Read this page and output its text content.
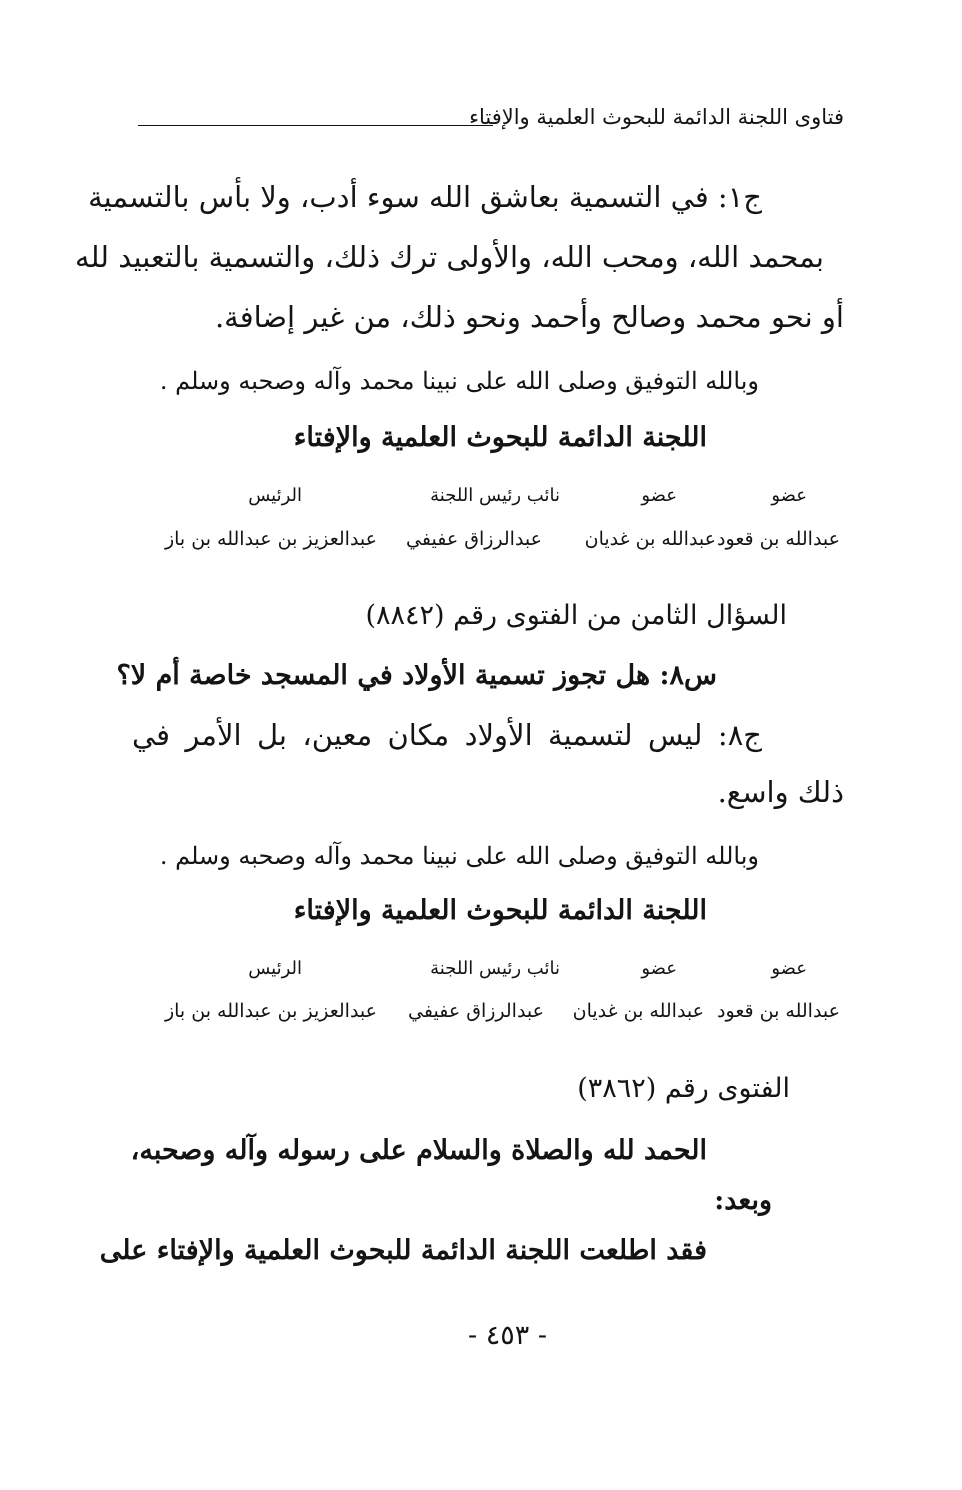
فتاوى اللجنة الدائمة للبحوث العلمية والإفتاء
ج١: في التسمية بعاشق الله سوء أدب، ولا بأس بالتسمية
بمحمد الله، ومحب الله، والأولى ترك ذلك، والتسمية بالتعبيد لله
أو نحو محمد وصالح وأحمد ونحو ذلك، من غير إضافة.
وبالله التوفيق وصلى الله على نبينا محمد وآله وصحبه وسلم .
اللجنة الدائمة للبحوث العلمية والإفتاء
عضو
عضو
نائب رئيس اللجنة
الرئيس
عبدالله بن قعود
عبدالله بن غديان
عبدالرزاق عفيفي
عبدالعزيز بن عبدالله بن باز
السؤال الثامن من الفتوى رقم (٨٨٤٢)
س٨: هل تجوز تسمية الأولاد في المسجد خاصة أم لا؟
ج٨: ليس لتسمية الأولاد مكان معين، بل الأمر في
ذلك واسع.
وبالله التوفيق وصلى الله على نبينا محمد وآله وصحبه وسلم .
اللجنة الدائمة للبحوث العلمية والإفتاء
عضو
عضو
نائب رئيس اللجنة
الرئيس
عبدالله بن قعود
عبدالله بن غديان
عبدالرزاق عفيفي
عبدالعزيز بن عبدالله بن باز
الفتوى رقم (٣٨٦٢)
الحمد لله والصلاة والسلام على رسوله وآله وصحبه،
وبعد:
فقد اطلعت اللجنة الدائمة للبحوث العلمية والإفتاء على
- ٤٥٣ -
